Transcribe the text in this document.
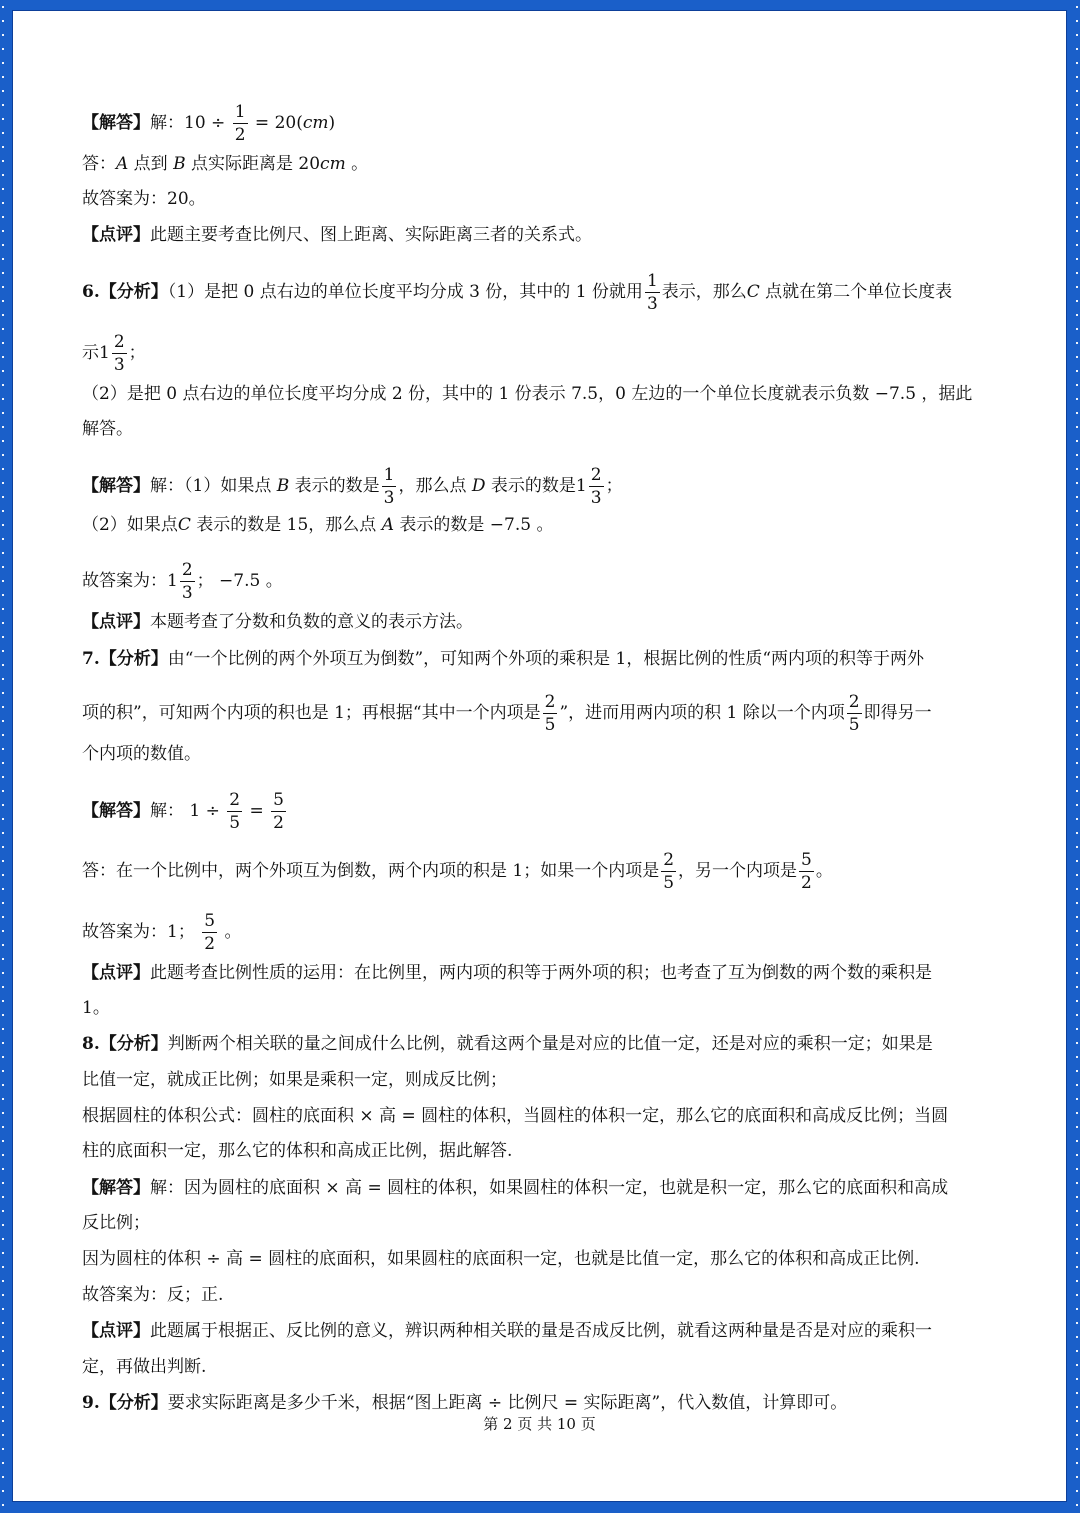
【解答】解：$10 \div \frac{1}{2} = 20(cm)$
答：A 点到 B 点实际距离是 20cm 。
故答案为：20。
【点评】此题主要考查比例尺、图上距离、实际距离三者的关系式。
6.【分析】（1）是把 0 点右边的单位长度平均分成 3 份，其中的 1 份就用 $\frac{1}{3}$ 表示，那么C 点就在第二个单位长度表
示$1 \frac{2}{3}$ ；
（2）是把 0 点右边的单位长度平均分成 2 份，其中的 1 份表示 7.5，0 左边的一个单位长度就表示负数 −7.5 ，据此
解答。
【解答】解：（1）如果点 B 表示的数是 $\frac{1}{3}$ ，那么点 D 表示的数是$1 \frac{2}{3}$ ；
（2）如果点C 表示的数是 15，那么点 A 表示的数是 −7.5 。
故答案为：$1 \frac{2}{3}$ ； −7.5 。
【点评】本题考查了分数和负数的意义的表示方法。
7.【分析】由“一个比例的两个外项互为倒数”，可知两个外项的乘积是 1，根据比例的性质“两内项的积等于两外
项的积”，可知两个内项的积也是 1；再根据“其中一个内项是 $\frac{2}{5}$ ”，进而用两内项的积 1 除以一个内项 $\frac{2}{5}$ 即得另一
个内项的数值。
【解答】解： $1 \div \frac{2}{5} = \frac{5}{2}$
答：在一个比例中，两个外项互为倒数，两个内项的积是 1；如果一个内项是 $\frac{2}{5}$ ，另一个内项是 $\frac{5}{2}$ 。
故答案为：1； $\frac{5}{2}$ 。
【点评】此题考查比例性质的运用：在比例里，两内项的积等于两外项的积；也考查了互为倒数的两个数的乘积是
1。
8.【分析】判断两个相关联的量之间成什么比例，就看这两个量是对应的比值一定，还是对应的乘积一定；如果是
比值一定，就成正比例；如果是乘积一定，则成反比例；
根据圆柱的体积公式：圆柱的底面积 × 高 = 圆柱的体积，当圆柱的体积一定，那么它的底面积和高成反比例；当圆
柱的底面积一定，那么它的体积和高成正比例，据此解答.
【解答】解：因为圆柱的底面积 × 高 = 圆柱的体积，如果圆柱的体积一定，也就是积一定，那么它的底面积和高成
反比例；
因为圆柱的体积 ÷ 高 = 圆柱的底面积，如果圆柱的底面积一定，也就是比值一定，那么它的体积和高成正比例.
故答案为：反；正.
【点评】此题属于根据正、反比例的意义，辨识两种相关联的量是否成反比例，就看这两种量是否是对应的乘积一
定，再做出判断.
9.【分析】要求实际距离是多少千米，根据“图上距离 ÷ 比例尺 = 实际距离”，代入数值，计算即可。
第 2 页 共 10 页
